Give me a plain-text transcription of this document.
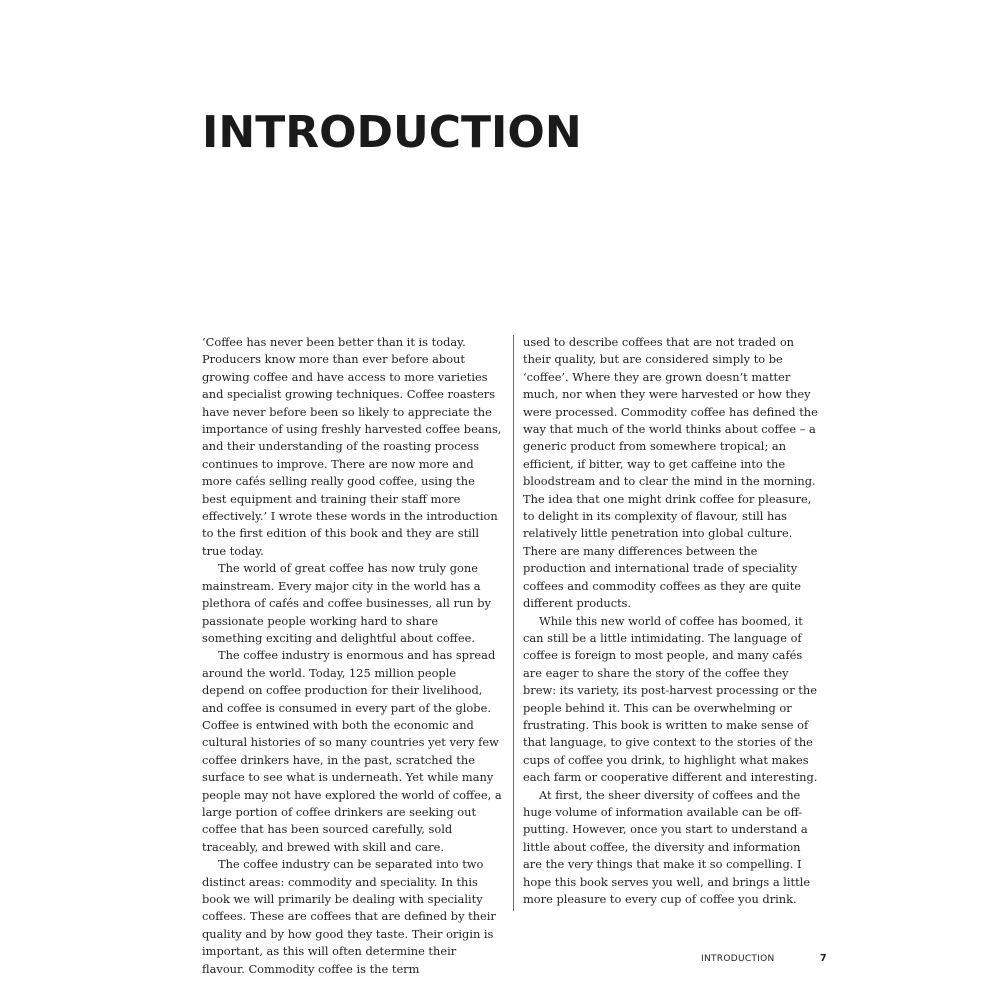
INTRODUCTION

‘Coffee has never been better than it is today. Producers know more than ever before about growing coffee and have access to more varieties and specialist growing techniques. Coffee roasters have never before been so likely to appreciate the importance of using freshly harvested coffee beans, and their understanding of the roasting process continues to improve. There are now more and more cafés selling really good coffee, using the best equipment and training their staff more effectively.’ I wrote these words in the introduction to the first edition of this book and they are still true today.

The world of great coffee has now truly gone mainstream. Every major city in the world has a plethora of cafés and coffee businesses, all run by passionate people working hard to share something exciting and delightful about coffee.

The coffee industry is enormous and has spread around the world. Today, 125 million people depend on coffee production for their livelihood, and coffee is consumed in every part of the globe. Coffee is entwined with both the economic and cultural histories of so many countries yet very few coffee drinkers have, in the past, scratched the surface to see what is underneath. Yet while many people may not have explored the world of coffee, a large portion of coffee drinkers are seeking out coffee that has been sourced carefully, sold traceably, and brewed with skill and care.

The coffee industry can be separated into two distinct areas: commodity and speciality. In this book we will primarily be dealing with speciality coffees. These are coffees that are defined by their quality and by how good they taste. Their origin is important, as this will often determine their flavour. Commodity coffee is the term

used to describe coffees that are not traded on their quality, but are considered simply to be ‘coffee’. Where they are grown doesn’t matter much, nor when they were harvested or how they were processed. Commodity coffee has defined the way that much of the world thinks about coffee – a generic product from somewhere tropical; an efficient, if bitter, way to get caffeine into the bloodstream and to clear the mind in the morning. The idea that one might drink coffee for pleasure, to delight in its complexity of flavour, still has relatively little penetration into global culture. There are many differences between the production and international trade of speciality coffees and commodity coffees as they are quite different products.

While this new world of coffee has boomed, it can still be a little intimidating. The language of coffee is foreign to most people, and many cafés are eager to share the story of the coffee they brew: its variety, its post-harvest processing or the people behind it. This can be overwhelming or frustrating. This book is written to make sense of that language, to give context to the stories of the cups of coffee you drink, to highlight what makes each farm or cooperative different and interesting.

At first, the sheer diversity of coffees and the huge volume of information available can be off-putting. However, once you start to understand a little about coffee, the diversity and information are the very things that make it so compelling. I hope this book serves you well, and brings a little more pleasure to every cup of coffee you drink.

INTRODUCTION	7
